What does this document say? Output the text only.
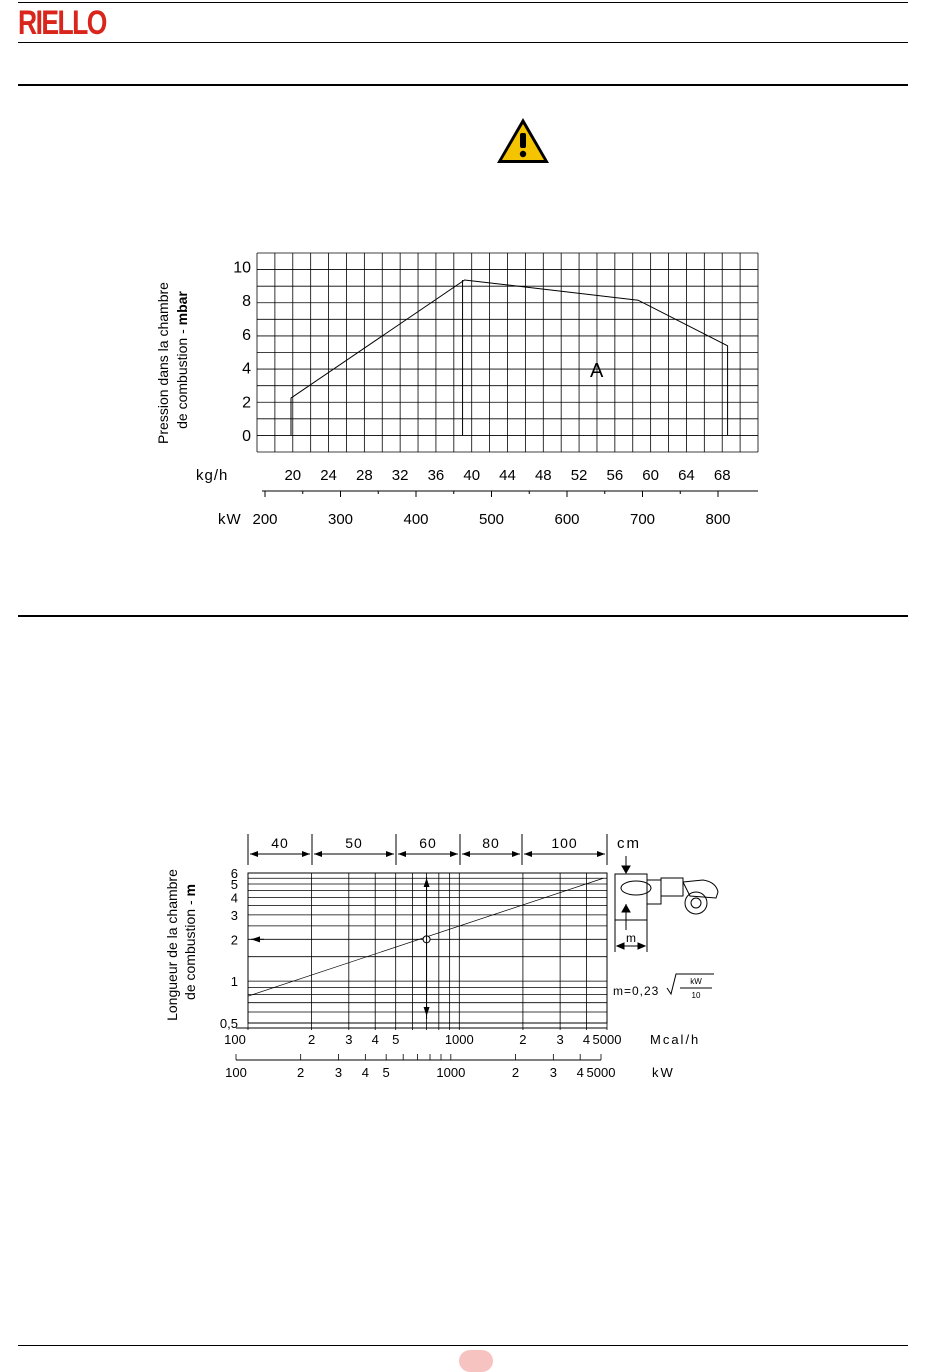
RIELLO
10
8
6
4
2
0
20 24 28 32 36 40 44 48 52 56 60 64 68
200	300	400	500	600	700	800
kg/h
kW
A
Pression dans la chambre de combustion - mbar
40	50	60	80	100
6
5
4
3
2
1
0,5
100	2 3 4 5	1000	2 3 4 5000
100	2 3 4 5	1000	2 3 4 5000
cm
Mcal/h
kW
Longueur de la chambre de combustion - m
m
m=0,23
kW
10
